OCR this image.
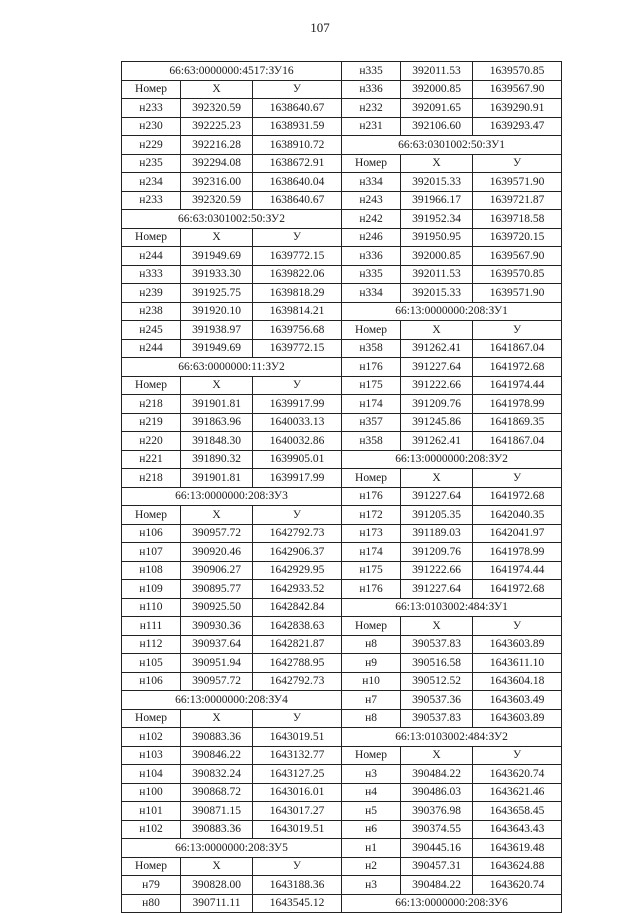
107
66:63:0000000:4517:ЗУ16			н335	392011.53	1639570.85
Номер	X	У	н336	392000.85	1639567.90
н233	392320.59	1638640.67	н232	392091.65	1639290.91
н230	392225.23	1638931.59	н231	392106.60	1639293.47
н229	392216.28	1638910.72	66:63:0301002:50:ЗУ1		
н235	392294.08	1638672.91	Номер	X	У
н234	392316.00	1638640.04	н334	392015.33	1639571.90
н233	392320.59	1638640.67	н243	391966.17	1639721.87
66:63:0301002:50:ЗУ2			н242	391952.34	1639718.58
Номер	X	У	н246	391950.95	1639720.15
н244	391949.69	1639772.15	н336	392000.85	1639567.90
н333	391933.30	1639822.06	н335	392011.53	1639570.85
н239	391925.75	1639818.29	н334	392015.33	1639571.90
н238	391920.10	1639814.21	66:13:0000000:208:ЗУ1		
н245	391938.97	1639756.68	Номер	X	У
н244	391949.69	1639772.15	н358	391262.41	1641867.04
66:63:0000000:11:ЗУ2			н176	391227.64	1641972.68
Номер	X	У	н175	391222.66	1641974.44
н218	391901.81	1639917.99	н174	391209.76	1641978.99
н219	391863.96	1640033.13	н357	391245.86	1641869.35
н220	391848.30	1640032.86	н358	391262.41	1641867.04
н221	391890.32	1639905.01	66:13:0000000:208:ЗУ2		
н218	391901.81	1639917.99	Номер	X	У
66:13:0000000:208:ЗУ3			н176	391227.64	1641972.68
Номер	X	У	н172	391205.35	1642040.35
н106	390957.72	1642792.73	н173	391189.03	1642041.97
н107	390920.46	1642906.37	н174	391209.76	1641978.99
н108	390906.27	1642929.95	н175	391222.66	1641974.44
н109	390895.77	1642933.52	н176	391227.64	1641972.68
н110	390925.50	1642842.84	66:13:0103002:484:ЗУ1		
н111	390930.36	1642838.63	Номер	X	У
н112	390937.64	1642821.87	н8	390537.83	1643603.89
н105	390951.94	1642788.95	н9	390516.58	1643611.10
н106	390957.72	1642792.73	н10	390512.52	1643604.18
66:13:0000000:208:ЗУ4			н7	390537.36	1643603.49
Номер	X	У	н8	390537.83	1643603.89
н102	390883.36	1643019.51	66:13:0103002:484:ЗУ2		
н103	390846.22	1643132.77	Номер	X	У
н104	390832.24	1643127.25	н3	390484.22	1643620.74
н100	390868.72	1643016.01	н4	390486.03	1643621.46
н101	390871.15	1643017.27	н5	390376.98	1643658.45
н102	390883.36	1643019.51	н6	390374.55	1643643.43
66:13:0000000:208:ЗУ5			н1	390445.16	1643619.48
Номер	X	У	н2	390457.31	1643624.88
н79	390828.00	1643188.36	н3	390484.22	1643620.74
н80	390711.11	1643545.12	66:13:0000000:208:ЗУ6		
